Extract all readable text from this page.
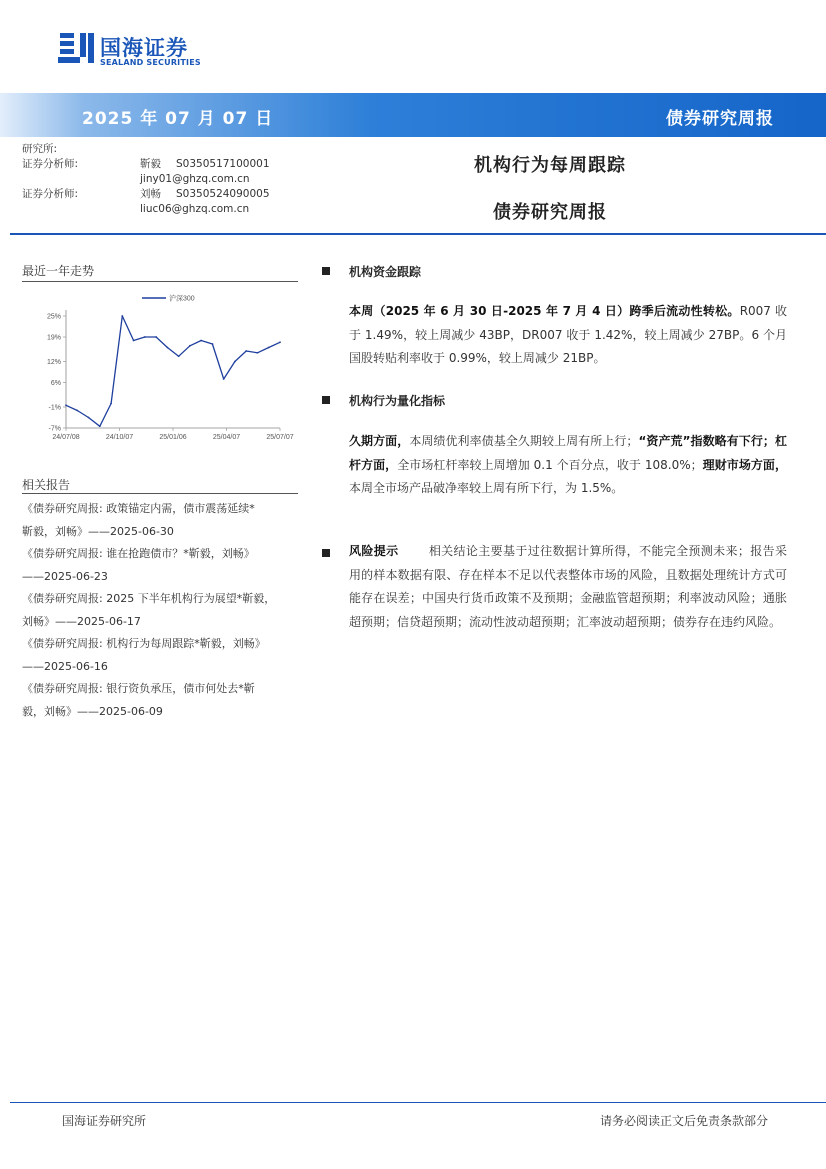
国海证券
SEALAND SECURITIES
2025 年 07 月 07 日	债券研究周报
研究所:
证券分析师:	靳毅 S0350517100001
jiny01@ghzq.com.cn
证券分析师:	刘畅 S0350524090005
liuc06@ghzq.com.cn
机构行为每周跟踪
债券研究周报
最近一年走势
25%
19%
12%
6%
-1%
-7%
24/07/08	24/10/07	25/01/06	25/04/07	25/07/07
沪深300
相关报告
《债券研究周报: 政策锚定内需，债市震荡延续*
靳毅，刘畅》——2025-06-30
《债券研究周报: 谁在抢跑债市？*靳毅，刘畅》
——2025-06-23
《债券研究周报: 2025 下半年机构行为展望*靳毅，
刘畅》——2025-06-17
《债券研究周报: 机构行为每周跟踪*靳毅，刘畅》
——2025-06-16
《债券研究周报: 银行资负承压，债市何处去*靳
毅，刘畅》——2025-06-09
机构资金跟踪
本周（2025 年 6 月 30 日-2025 年 7 月 4 日）跨季后流动性转松。R007 收于 1.49%，较上周减少 43BP，DR007 收于 1.42%，较上周减少 27BP。6 个月国股转贴利率收于 0.99%，较上周减少 21BP。
机构行为量化指标
久期方面，本周绩优利率债基全久期较上周有所上行；“资产荒”指数略有下行；杠杆方面，全市场杠杆率较上周增加 0.1 个百分点，收于 108.0%；理财市场方面，本周全市场产品破净率较上周有所下行，为 1.5%。
风险提示	相关结论主要基于过往数据计算所得，不能完全预测未来；报告采用的样本数据有限、存在样本不足以代表整体市场的风险，且数据处理统计方式可能存在误差；中国央行货币政策不及预期；金融监管超预期；利率波动风险；通胀超预期；信贷超预期；流动性波动超预期；汇率波动超预期；债券存在违约风险。
国海证券研究所	请务必阅读正文后免责条款部分
